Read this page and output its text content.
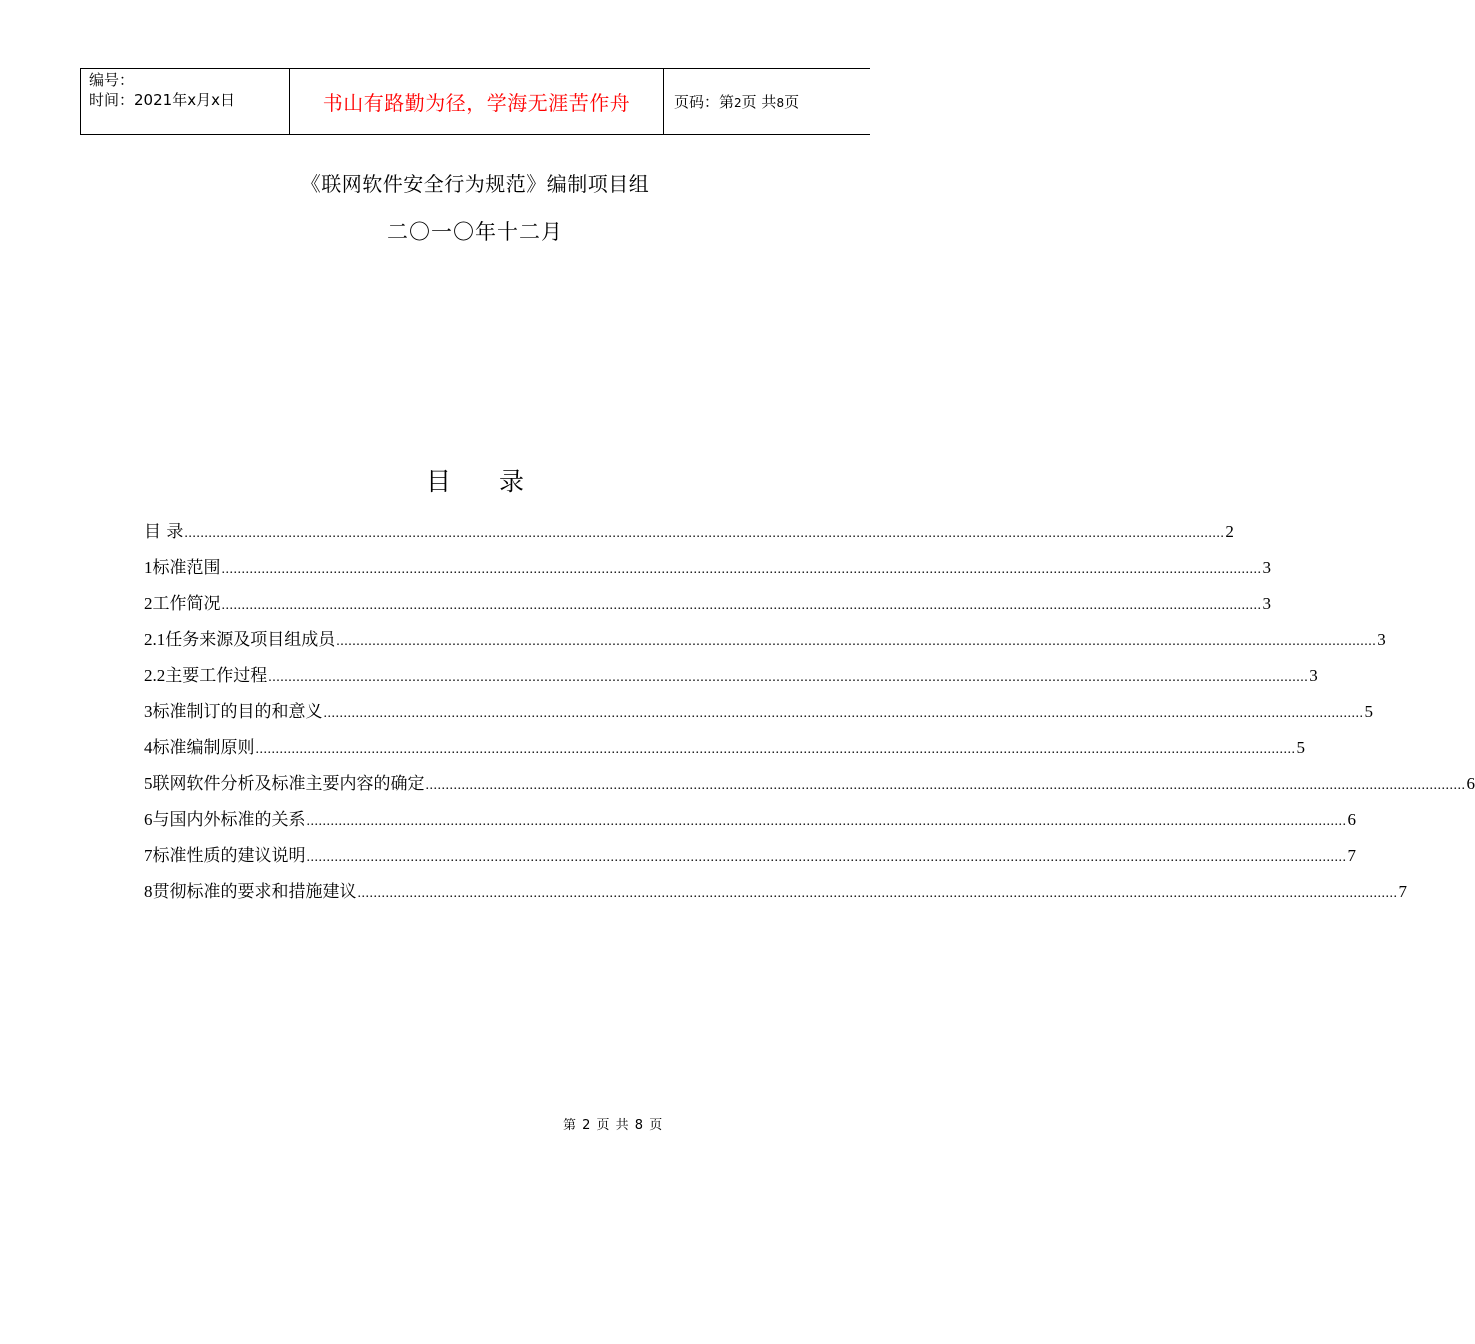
编号：
时间：2021年x月x日	书山有路勤为径，学海无涯苦作舟	页码：第2页 共8页
《联网软件安全行为规范》编制项目组
二〇一〇年十二月
目 录
目 录 .................................................................................................................................................................................................................................................................... 2
1 标准范围 .................................................................................................................................................................................................................................................................... 3
2 工作简况 .................................................................................................................................................................................................................................................................... 3
2.1 任务来源及项目组成员 .................................................................................................................................................................................................................................................................... 3
2.2 主要工作过程 .................................................................................................................................................................................................................................................................... 3
3 标准制订的目的和意义 .................................................................................................................................................................................................................................................................... 5
4 标准编制原则 .................................................................................................................................................................................................................................................................... 5
5 联网软件分析及标准主要内容的确定 .................................................................................................................................................................................................................................................................... 6
6 与国内外标准的关系 .................................................................................................................................................................................................................................................................... 6
7 标准性质的建议说明 .................................................................................................................................................................................................................................................................... 7
8 贯彻标准的要求和措施建议 .................................................................................................................................................................................................................................................................... 7
第 2 页 共 8 页
